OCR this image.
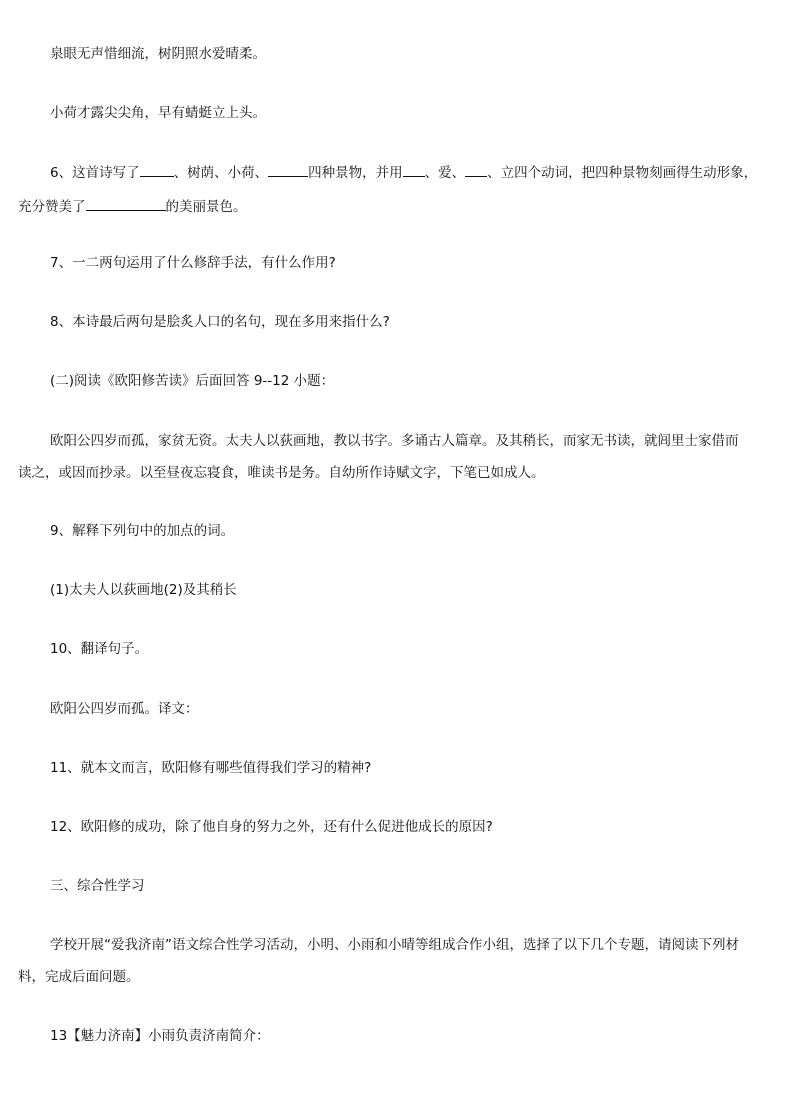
泉眼无声惜细流，树阴照水爱晴柔。
小荷才露尖尖角，早有蜻蜓立上头。
6、这首诗写了	、树荫、小荷、	四种景物，并用 、爱、 、立四个动词，把四种景物刻画得生动形象，
充分赞美了	的美丽景色。
7、一二两句运用了什么修辞手法，有什么作用?
8、本诗最后两句是脍炙人口的名句，现在多用来指什么?
(二)阅读《欧阳修苦读》后面回答 9--12 小题：
欧阳公四岁而孤，家贫无资。太夫人以荻画地，教以书字。多诵古人篇章。及其稍长，而家无书读，就闾里士家借而
读之，或因而抄录。以至昼夜忘寝食，唯读书是务。自幼所作诗赋文字，下笔已如成人。
9、解释下列句中的加点的词。
(1)太夫人以荻画地(2)及其稍长
10、翻译句子。
欧阳公四岁而孤。译文：
11、就本文而言，欧阳修有哪些值得我们学习的精神?
12、欧阳修的成功，除了他自身的努力之外，还有什么促进他成长的原因?
三、综合性学习
学校开展“爱我济南”语文综合性学习活动，小明、小雨和小晴等组成合作小组，选择了以下几个专题，请阅读下列材
料，完成后面问题。
13【魅力济南】小雨负责济南简介：
